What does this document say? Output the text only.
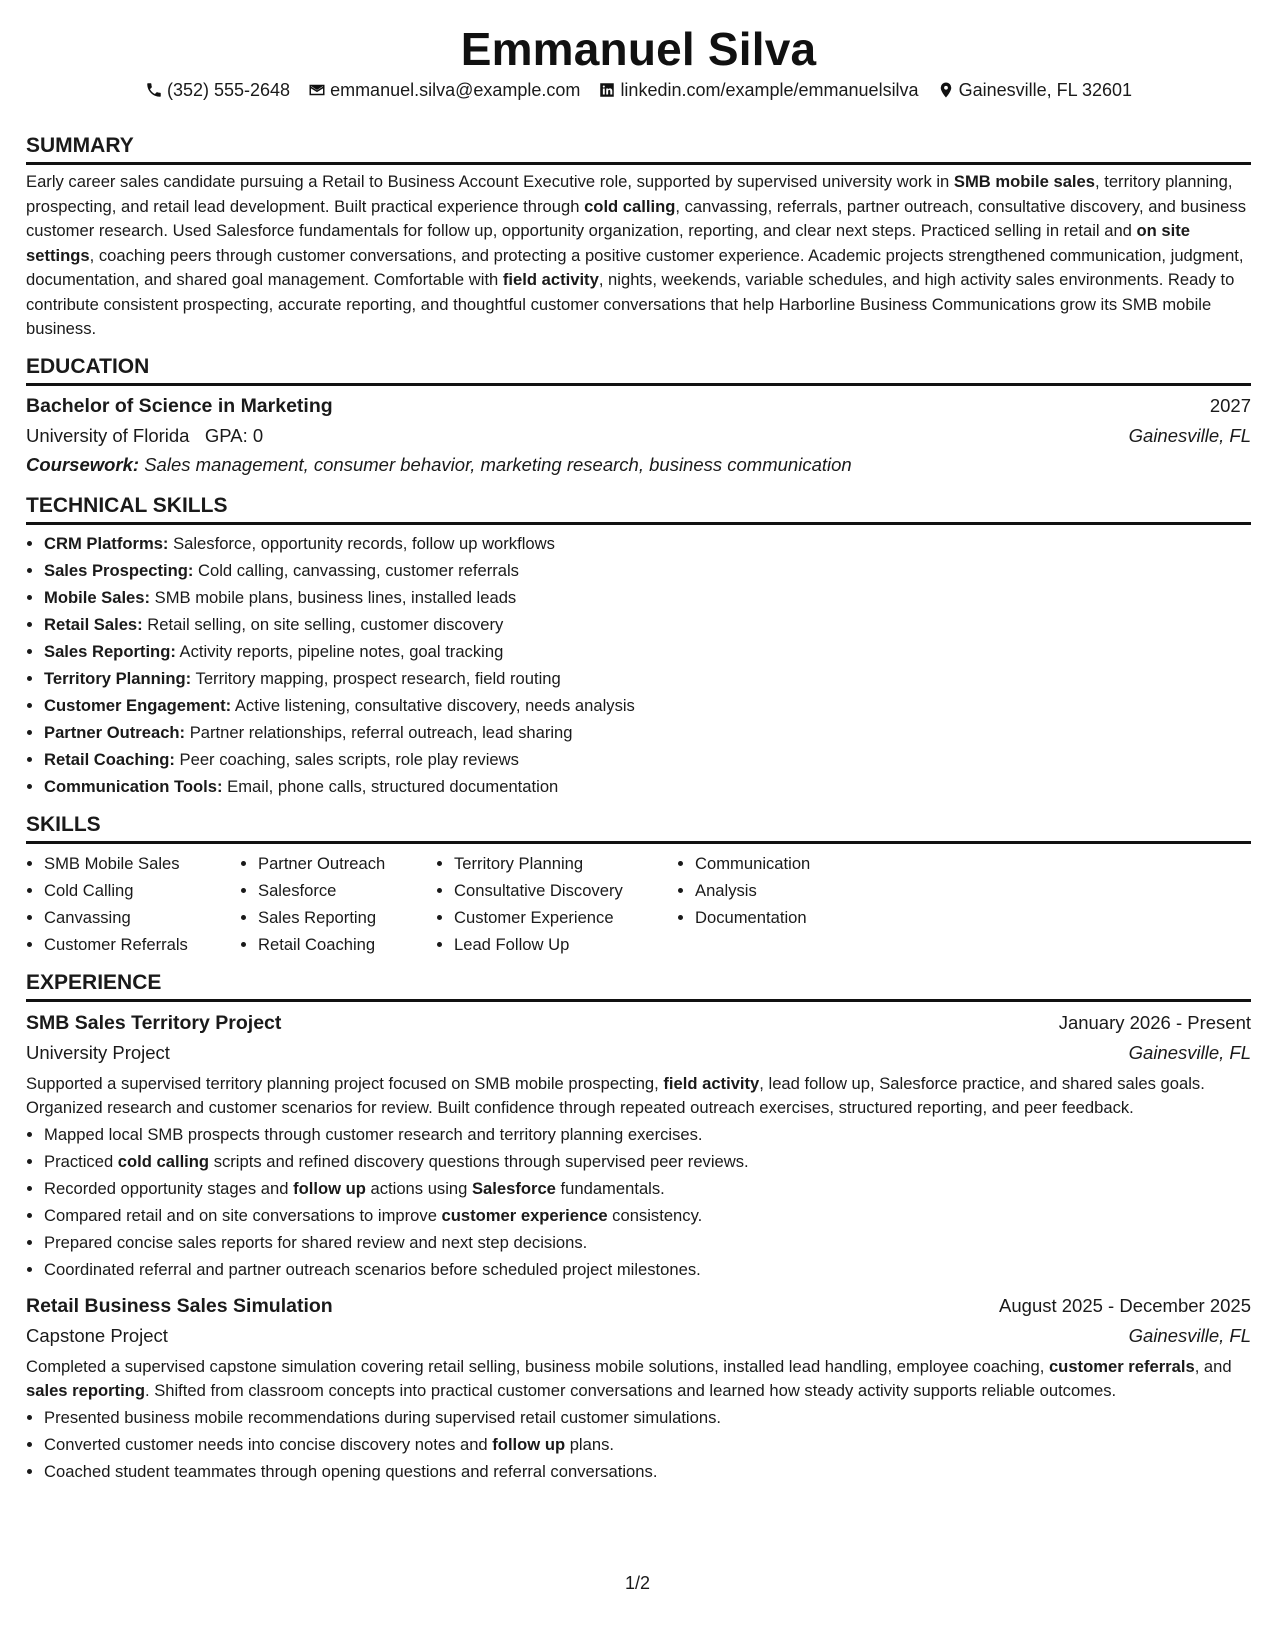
Emmanuel Silva
(352) 555-2648 emmanuel.silva@example.com linkedin.com/example/emmanuelsilva Gainesville, FL 32601
SUMMARY
Early career sales candidate pursuing a Retail to Business Account Executive role, supported by supervised university work in SMB mobile sales, territory planning, prospecting, and retail lead development. Built practical experience through cold calling, canvassing, referrals, partner outreach, consultative discovery, and business customer research. Used Salesforce fundamentals for follow up, opportunity organization, reporting, and clear next steps. Practiced selling in retail and on site settings, coaching peers through customer conversations, and protecting a positive customer experience. Academic projects strengthened communication, judgment, documentation, and shared goal management. Comfortable with field activity, nights, weekends, variable schedules, and high activity sales environments. Ready to contribute consistent prospecting, accurate reporting, and thoughtful customer conversations that help Harborline Business Communications grow its SMB mobile business.
EDUCATION
Bachelor of Science in Marketing	2027
University of Florida GPA: 0	Gainesville, FL
Coursework: Sales management, consumer behavior, marketing research, business communication
TECHNICAL SKILLS
• CRM Platforms: Salesforce, opportunity records, follow up workflows
• Sales Prospecting: Cold calling, canvassing, customer referrals
• Mobile Sales: SMB mobile plans, business lines, installed leads
• Retail Sales: Retail selling, on site selling, customer discovery
• Sales Reporting: Activity reports, pipeline notes, goal tracking
• Territory Planning: Territory mapping, prospect research, field routing
• Customer Engagement: Active listening, consultative discovery, needs analysis
• Partner Outreach: Partner relationships, referral outreach, lead sharing
• Retail Coaching: Peer coaching, sales scripts, role play reviews
• Communication Tools: Email, phone calls, structured documentation
SKILLS
• SMB Mobile Sales
• Cold Calling
• Canvassing
• Customer Referrals
• Partner Outreach
• Salesforce
• Sales Reporting
• Retail Coaching
• Territory Planning
• Consultative Discovery
• Customer Experience
• Lead Follow Up
• Communication
• Analysis
• Documentation
EXPERIENCE
SMB Sales Territory Project	January 2026 - Present
University Project	Gainesville, FL
Supported a supervised territory planning project focused on SMB mobile prospecting, field activity, lead follow up, Salesforce practice, and shared sales goals. Organized research and customer scenarios for review. Built confidence through repeated outreach exercises, structured reporting, and peer feedback.
• Mapped local SMB prospects through customer research and territory planning exercises.
• Practiced cold calling scripts and refined discovery questions through supervised peer reviews.
• Recorded opportunity stages and follow up actions using Salesforce fundamentals.
• Compared retail and on site conversations to improve customer experience consistency.
• Prepared concise sales reports for shared review and next step decisions.
• Coordinated referral and partner outreach scenarios before scheduled project milestones.
Retail Business Sales Simulation	August 2025 - December 2025
Capstone Project	Gainesville, FL
Completed a supervised capstone simulation covering retail selling, business mobile solutions, installed lead handling, employee coaching, customer referrals, and sales reporting. Shifted from classroom concepts into practical customer conversations and learned how steady activity supports reliable outcomes.
• Presented business mobile recommendations during supervised retail customer simulations.
• Converted customer needs into concise discovery notes and follow up plans.
• Coached student teammates through opening questions and referral conversations.
1/2
